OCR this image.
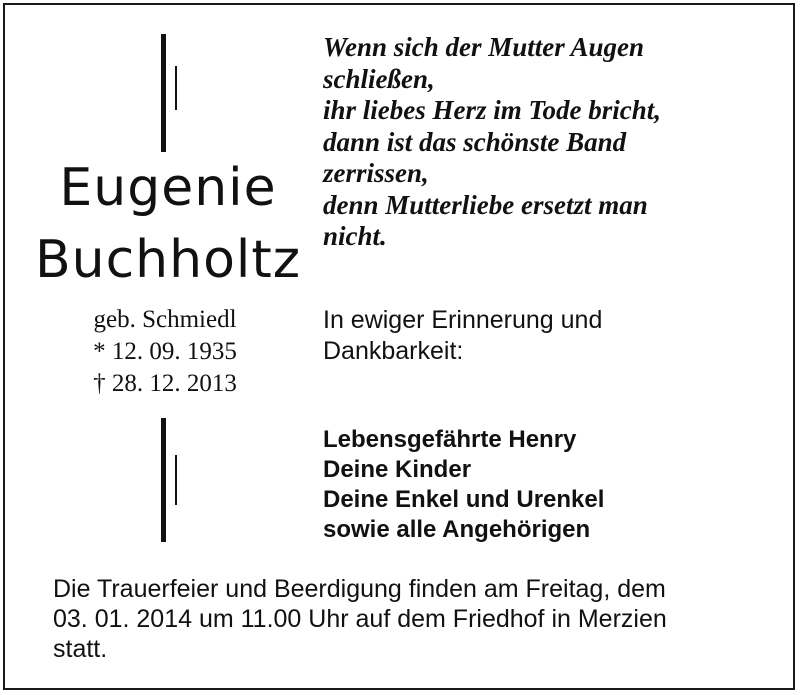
Eugenie
Buchholtz
geb. Schmiedl
* 12. 09. 1935
† 28. 12. 2013
Wenn sich der Mutter Augen
schließen,
ihr liebes Herz im Tode bricht,
dann ist das schönste Band
zerrissen,
denn Mutterliebe ersetzt man
nicht.
In ewiger Erinnerung und
Dankbarkeit:
Lebensgefährte Henry
Deine Kinder
Deine Enkel und Urenkel
sowie alle Angehörigen
Die Trauerfeier und Beerdigung finden am Freitag, dem
03. 01. 2014 um 11.00 Uhr auf dem Friedhof in Merzien
statt.
